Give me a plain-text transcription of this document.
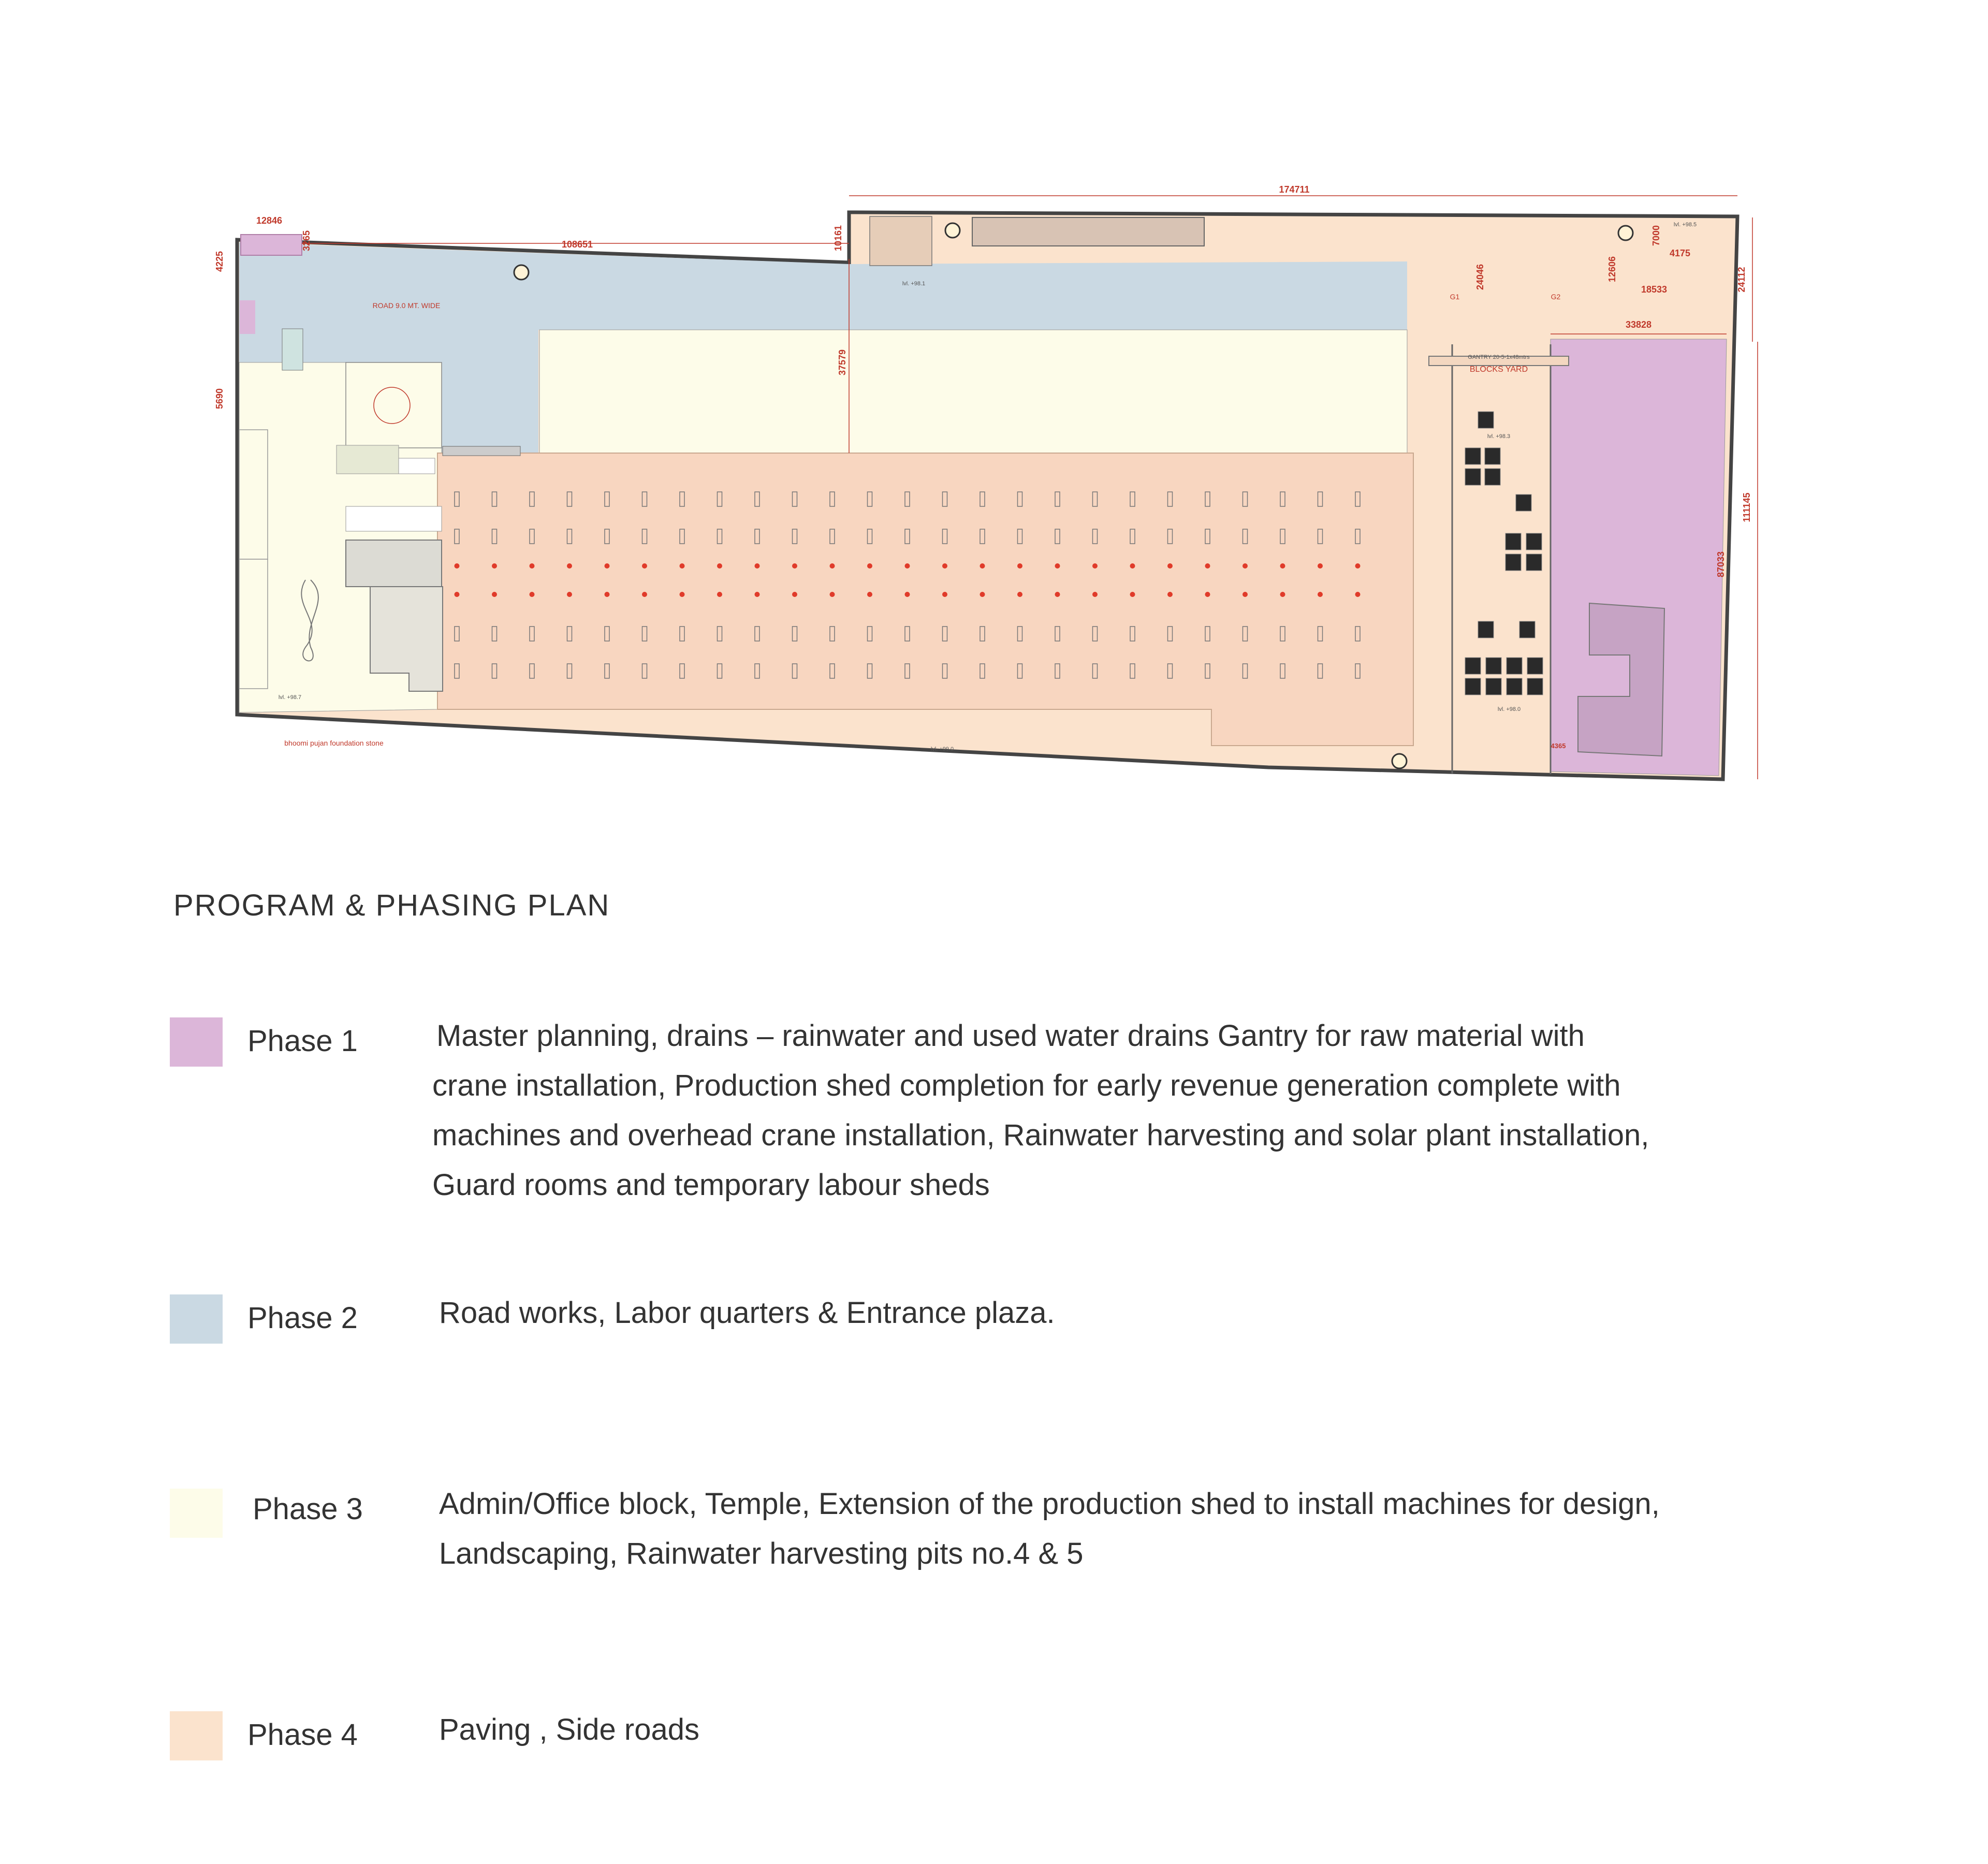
174711
108651
12846
33828
24112
111145
87033
37579
10161
24046
4225
5690
3265	7000
12606
4175
18533
4365
ROAD 9.0 MT. WIDE
BLOCKS YARD
GANTRY 20-5-1x48mtrs
bhoomi pujan foundation stone
lvl. +98.1
lvl. +99.0
lvl. +98.7
lvl. +98.5
lvl. +98.3
lvl. +98.0
G1	G2
PROGRAM & PHASING PLAN
Phase 1	Master planning, drains – rainwater and used water drains Gantry for raw material with
crane installation, Production shed completion for early revenue generation complete with
machines and overhead crane installation, Rainwater harvesting and solar plant installation,
Guard rooms and temporary labour sheds
Phase 2	Road works, Labor quarters & Entrance plaza.
Phase 3	Admin/Office block, Temple, Extension of the production shed to install machines for design,
Landscaping, Rainwater harvesting pits no.4 & 5
Phase 4	Paving , Side roads
